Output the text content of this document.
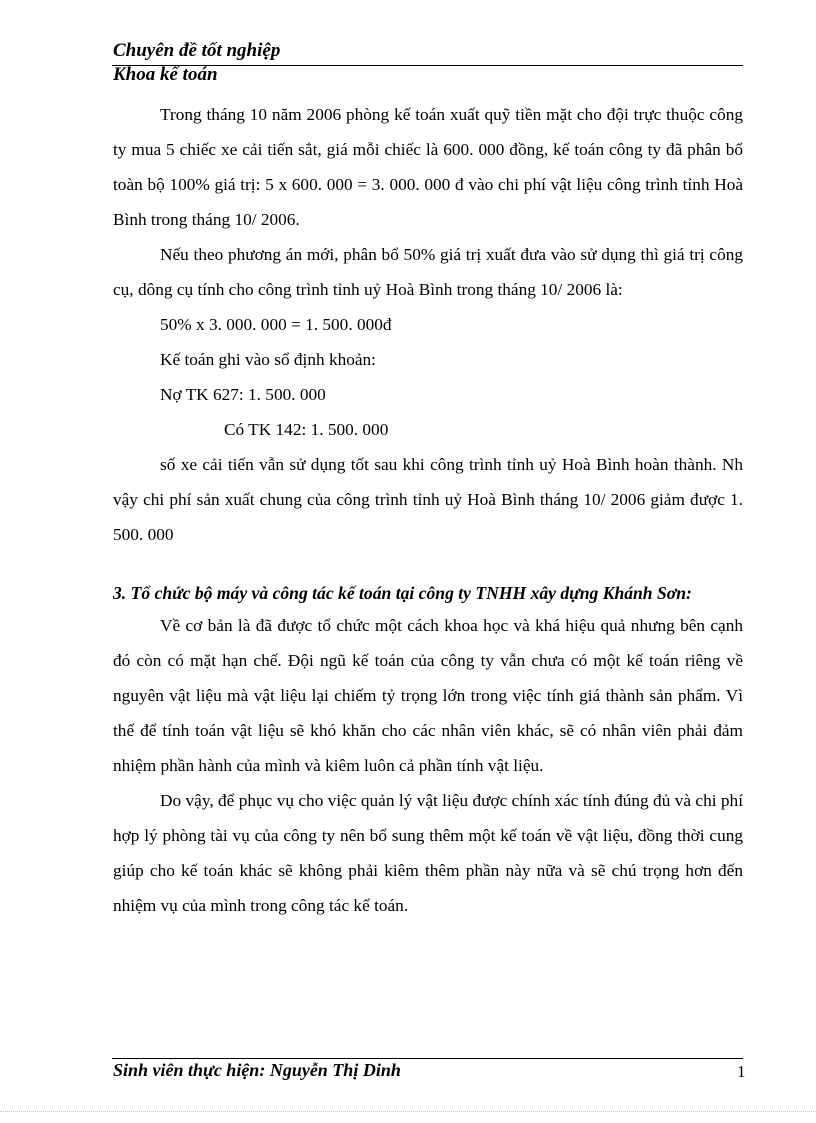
Chuyên đề tốt nghiệp
Khoa kế toán

Trong tháng 10 năm 2006 phòng kế toán xuất quỹ tiền mặt cho đội trực thuộc công ty mua 5 chiếc xe cải tiến sắt, giá mỗi chiếc là 600. 000 đồng, kế toán công ty đã phân bổ toàn bộ 100% giá trị: 5 x 600. 000 = 3. 000. 000 đ vào chi phí vật liệu công trình tỉnh Hoà Bình trong tháng 10/ 2006.

Nếu theo phương án mới, phân bổ 50% giá trị xuất đưa vào sử dụng thì giá trị công cụ, dông cụ tính cho công trình tỉnh uỷ Hoà Bình trong tháng 10/ 2006 là:

50% x 3. 000. 000 = 1. 500. 000đ

Kế toán ghi vào sổ định khoản:

Nợ TK 627: 1. 500. 000

Có TK 142: 1. 500. 000

số xe cải tiến vẫn sử dụng tốt sau khi công trình tỉnh uỷ Hoà Bình hoàn thành. Nh vậy chi phí sản xuất chung của công trình tỉnh uỷ Hoà Bình tháng 10/ 2006 giảm được 1. 500. 000

3. Tổ chức bộ máy và công tác kế toán tại công ty TNHH xây dựng Khánh Sơn:

Về cơ bản là đã được tổ chức một cách khoa học và khá hiệu quả nhưng bên cạnh đó còn có mặt hạn chế. Đội ngũ kế toán của công ty vẫn chưa có một kế toán riêng về nguyên vật liệu mà vật liệu lại chiếm tỷ trọng lớn trong việc tính giá thành sản phẩm. Vì thế để tính toán vật liệu sẽ khó khăn cho các nhân viên khác, sẽ có nhân viên phải đảm nhiệm phần hành của mình và kiêm luôn cả phần tính vật liệu.

Do vậy, để phục vụ cho việc quản lý vật liệu được chính xác tính đúng đủ và chi phí hợp lý phòng tài vụ của công ty nên bổ sung thêm một kế toán về vật liệu, đồng thời cung giúp cho kế toán khác sẽ không phải kiêm thêm phần này nữa và sẽ chú trọng hơn đến nhiệm vụ của mình trong công tác kế toán.

Sinh viên thực hiện: Nguyễn Thị Dinh	1
